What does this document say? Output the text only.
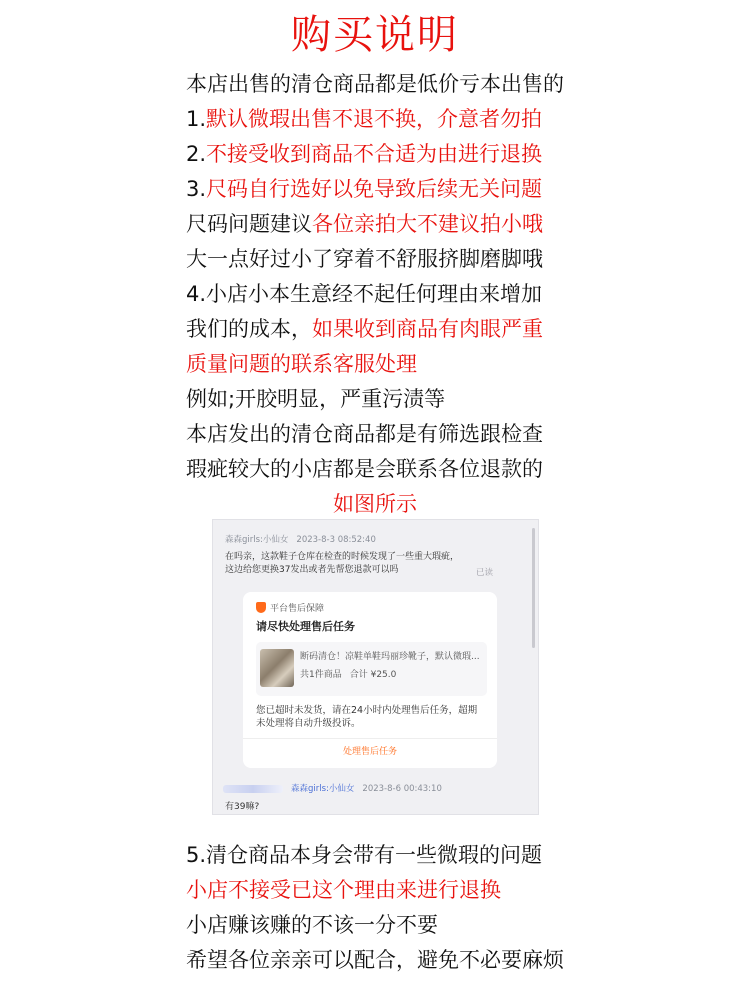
购买说明
本店出售的清仓商品都是低价亏本出售的
1.默认微瑕出售不退不换，介意者勿拍
2.不接受收到商品不合适为由进行退换
3.尺码自行选好以免导致后续无关问题
尺码问题建议各位亲拍大不建议拍小哦
大一点好过小了穿着不舒服挤脚磨脚哦
4.小店小本生意经不起任何理由来增加
我们的成本，如果收到商品有肉眼严重
质量问题的联系客服处理
例如;开胶明显，严重污渍等
本店发出的清仓商品都是有筛选跟检查
瑕疵较大的小店都是会联系各位退款的
如图所示
森森girls:小仙女 2023-8-3 08:52:40
在吗亲，这款鞋子仓库在检查的时候发现了一些重大瑕疵，这边给您更换37发出或者先帮您退款可以吗	已读
平台售后保障
请尽快处理售后任务
断码清仓！凉鞋单鞋玛丽珍靴子，默认微瑕...
共1件商品 合计 ¥25.0
您已超时未发货，请在24小时内处理售后任务，超期未处理将自动升级投诉。
处理售后任务
森森girls:小仙女 2023-8-6 00:43:10
有39嘛?
5.清仓商品本身会带有一些微瑕的问题
小店不接受已这个理由来进行退换
小店赚该赚的不该一分不要
希望各位亲亲可以配合，避免不必要麻烦
